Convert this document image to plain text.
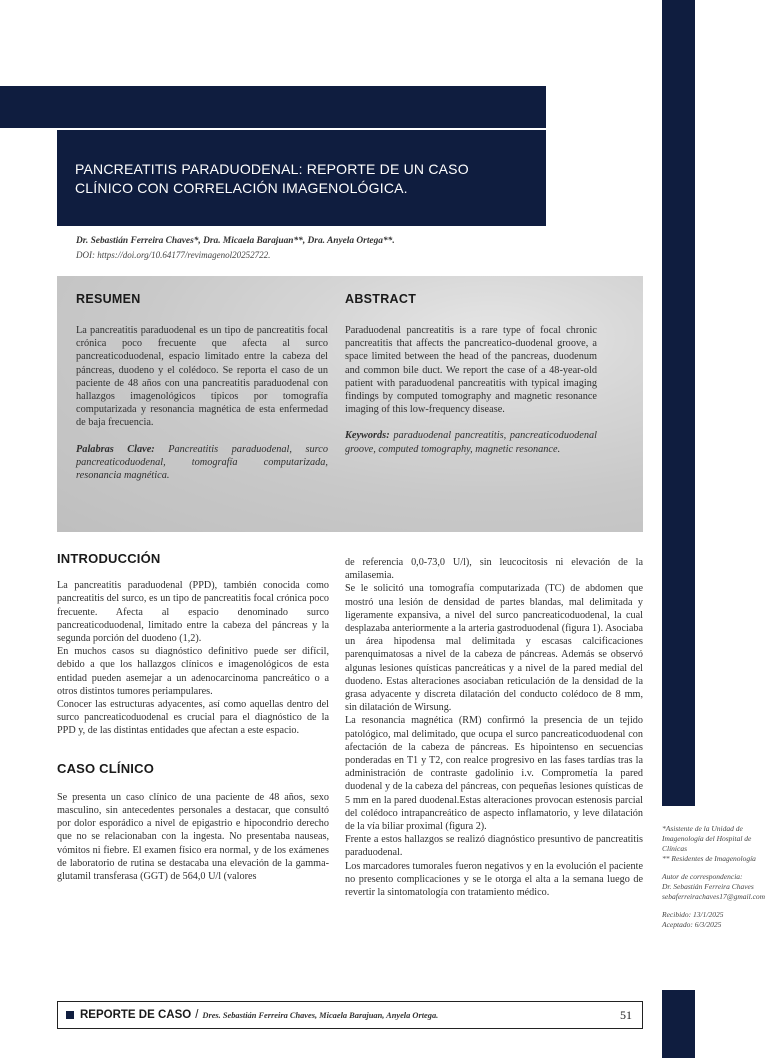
PANCREATITIS PARADUODENAL: REPORTE DE UN CASO
CLÍNICO CON CORRELACIÓN IMAGENOLÓGICA.
Dr. Sebastián Ferreira Chaves*, Dra. Micaela Barajuan**, Dra. Anyela Ortega**.
DOI: https://doi.org/10.64177/revimagenol20252722.
RESUMEN
La pancreatitis paraduodenal es un tipo de pancreatitis focal crónica poco frecuente que afecta al surco pancreaticoduodenal, espacio limitado entre la cabeza del páncreas, duodeno y el colédoco. Se reporta el caso de un paciente de 48 años con una pancreatitis paraduodenal con hallazgos imagenológicos típicos por tomografía computarizada y resonancia magnética de esta enfermedad de baja frecuencia.
Palabras Clave: Pancreatitis paraduodenal, surco pancreaticoduodenal, tomografía computarizada, resonancia magnética.
ABSTRACT
Paraduodenal pancreatitis is a rare type of focal chronic pancreatitis that affects the pancreatico-duodenal groove, a space limited between the head of the pancreas, duodenum and common bile duct. We report the case of a 48-year-old patient with paraduodenal pancreatitis with typical imaging findings by computed tomography and magnetic resonance imaging of this low-frequency disease.
Keywords: paraduodenal pancreatitis, pancreaticoduodenal groove, computed tomography, magnetic resonance.
INTRODUCCIÓN

La pancreatitis paraduodenal (PPD), también conocida como pancreatitis del surco, es un tipo de pancreatitis focal crónica poco frecuente. Afecta al espacio denominado surco pancreaticoduodenal, limitado entre la cabeza del páncreas y la segunda porción del duodeno (1,2).

En muchos casos su diagnóstico definitivo puede ser difícil, debido a que los hallazgos clínicos e imagenológicos de esta entidad pueden asemejar a un adenocarcinoma pancreático o a otros distintos tumores periampulares.

Conocer las estructuras adyacentes, así como aquellas dentro del surco pancreaticoduodenal es crucial para el diagnóstico de la PPD y, de las distintas entidades que afectan a este espacio.

CASO CLÍNICO

Se presenta un caso clínico de una paciente de 48 años, sexo masculino, sin antecedentes personales a destacar, que consultó por dolor esporádico a nivel de epigastrio e hipocondrio derecho que no se relacionaban con la ingesta. No presentaba nauseas, vómitos ni fiebre. El examen físico era normal, y de los exámenes de laboratorio de rutina se destacaba una elevación de la gamma-glutamil transferasa (GGT) de 564,0 U/l (valores

de referencia 0,0-73,0 U/l), sin leucocitosis ni elevación de la amilasemia.

Se le solicitó una tomografía computarizada (TC) de abdomen que mostró una lesión de densidad de partes blandas, mal delimitada y ligeramente expansiva, a nivel del surco pancreaticoduodenal, la cual desplazaba anteriormente a la arteria gastroduodenal (figura 1). Asociaba un área hipodensa mal delimitada y escasas calcificaciones parenquimatosas a nivel de la cabeza de páncreas. Además se observó algunas lesiones quísticas pancreáticas y a nivel de la pared medial del duodeno. Estas alteraciones asociaban reticulación de la densidad de la grasa adyacente y discreta dilatación del conducto colédoco de 8 mm, sin dilatación de Wirsung.

La resonancia magnética (RM) confirmó la presencia de un tejido patológico, mal delimitado, que ocupa el surco pancreaticoduodenal con afectación de la cabeza de páncreas. Es hipointenso en secuencias ponderadas en T1 y T2, con realce progresivo en las fases tardías tras la administración de contraste gadolinio i.v. Comprometía la pared duodenal y de la cabeza del páncreas, con pequeñas lesiones quísticas de 5 mm en la pared duodenal.Estas alteraciones provocan estenosis parcial del colédoco intrapancreático de aspecto inflamatorio, y leve dilatación de la vía biliar proximal (figura 2).

Frente a estos hallazgos se realizó diagnóstico presuntivo de pancreatitis paraduodenal.

Los marcadores tumorales fueron negativos y en la evolución el paciente no presento complicaciones y se le otorga el alta a la semana luego de revertir la sintomatología con tratamiento médico.

*Asistente de la Unidad de Imagenología del Hospital de Clínicas

** Residentes de Imagenología

Autor de correspondencia:

Dr. Sebastián Ferreira Chaves

sebaferreirachaves17@gmail.com

Recibido: 13/1/2025

Aceptado: 6/3/2025

REPORTE DE CASO / Dres. Sebastián Ferreira Chaves, Micaela Barajuan, Anyela Ortega.	51
